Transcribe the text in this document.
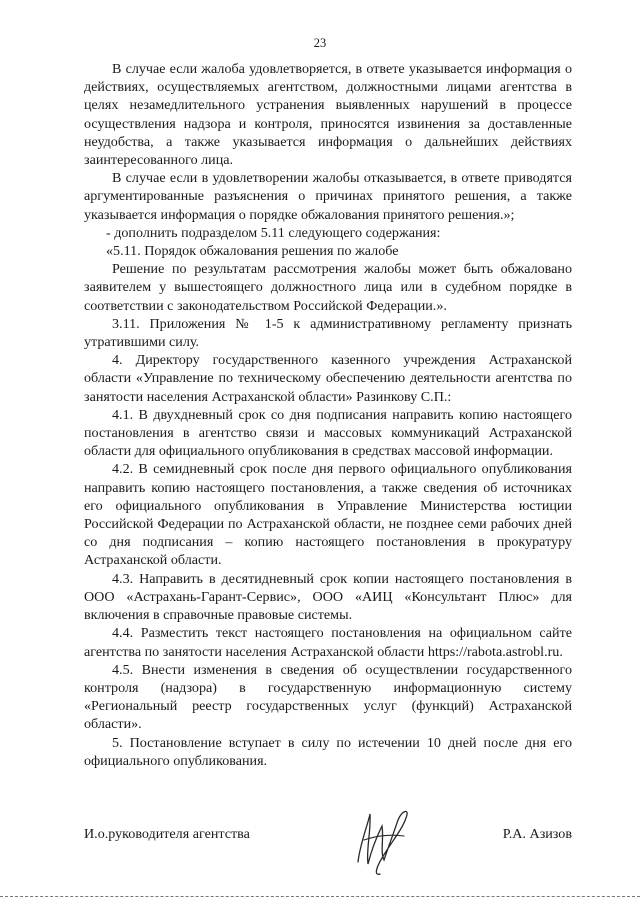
23

В случае если жалоба удовлетворяется, в ответе указывается информация о действиях, осуществляемых агентством, должностными лицами агентства в целях незамедлительного устранения выявленных нарушений в процессе осуществления надзора и контроля, приносятся извинения за доставленные неудобства, а также указывается информация о дальнейших действиях заинтересованного лица.

В случае если в удовлетворении жалобы отказывается, в ответе приводятся аргументированные разъяснения о причинах принятого решения, а также указывается информация о порядке обжалования принятого решения.»;

- дополнить подразделом 5.11 следующего содержания:

«5.11. Порядок обжалования решения по жалобе

Решение по результатам рассмотрения жалобы может быть обжаловано заявителем у вышестоящего должностного лица или в судебном порядке в соответствии с законодательством Российской Федерации.».

3.11. Приложения № 1-5 к административному регламенту признать утратившими силу.

4. Директору государственного казенного учреждения Астраханской области «Управление по техническому обеспечению деятельности агентства по занятости населения Астраханской области» Разинкову С.П.:

4.1. В двухдневный срок со дня подписания направить копию настоящего постановления в агентство связи и массовых коммуникаций Астраханской области для официального опубликования в средствах массовой информации.

4.2. В семидневный срок после дня первого официального опубликования направить копию настоящего постановления, а также сведения об источниках его официального опубликования в Управление Министерства юстиции Российской Федерации по Астраханской области, не позднее семи рабочих дней со дня подписания – копию настоящего постановления в прокуратуру Астраханской области.

4.3. Направить в десятидневный срок копии настоящего постановления в ООО «Астрахань-Гарант-Сервис», ООО «АИЦ «Консультант Плюс» для включения в справочные правовые системы.

4.4. Разместить текст настоящего постановления на официальном сайте агентства по занятости населения Астраханской области https://rabota.astrobl.ru.

4.5. Внести изменения в сведения об осуществлении государственного контроля (надзора) в государственную информационную систему «Региональный реестр государственных услуг (функций) Астраханской области».

5. Постановление вступает в силу по истечении 10 дней после дня его официального опубликования.

И.о.руководителя агентства	Р.А. Азизов
